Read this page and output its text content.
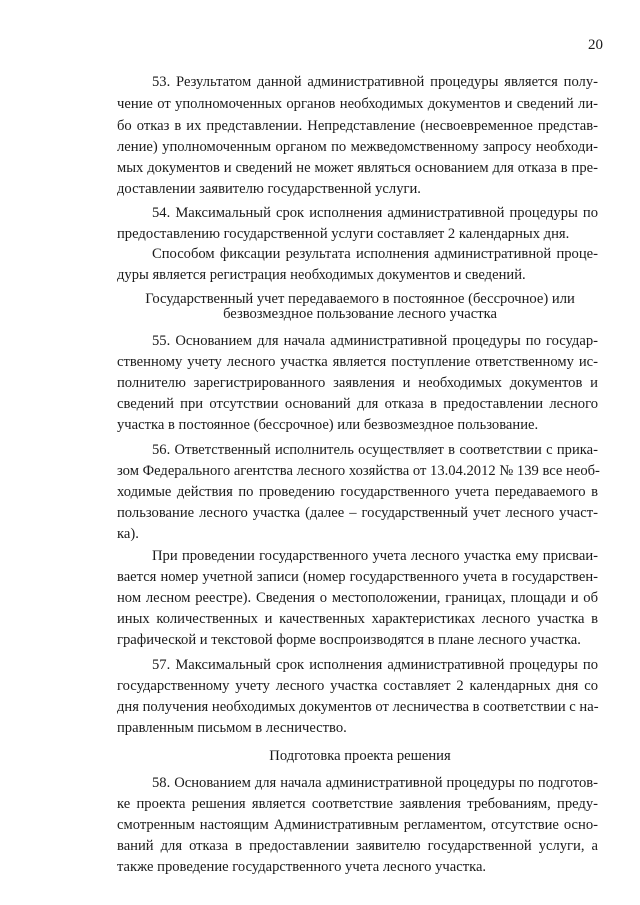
20
53. Результатом данной административной процедуры является полу-
чение от уполномоченных органов необходимых документов и сведений ли-
бо отказ в их представлении. Непредставление (несвоевременное представ-
ление) уполномоченным органом по межведомственному запросу необходи-
мых документов и сведений не может являться основанием для отказа в пре-
доставлении заявителю государственной услуги.
54. Максимальный срок исполнения административной процедуры по
предоставлению государственной услуги составляет 2 календарных дня.
Способом фиксации результата исполнения административной проце-
дуры является регистрация необходимых документов и сведений.
Государственный учет передаваемого в постоянное (бессрочное) или
безвозмездное пользование лесного участка
55. Основанием для начала административной процедуры по государ-
ственному учету лесного участка является поступление ответственному ис-
полнителю зарегистрированного заявления и необходимых документов и
сведений при отсутствии оснований для отказа в предоставлении лесного
участка в постоянное (бессрочное) или безвозмездное пользование.
56. Ответственный исполнитель осуществляет в соответствии с прика-
зом Федерального агентства лесного хозяйства от 13.04.2012 № 139 все необ-
ходимые действия по проведению государственного учета передаваемого в
пользование лесного участка (далее – государственный учет лесного участ-
ка).
При проведении государственного учета лесного участка ему присваи-
вается номер учетной записи (номер государственного учета в государствен-
ном лесном реестре). Сведения о местоположении, границах, площади и об
иных количественных и качественных характеристиках лесного участка в
графической и текстовой форме воспроизводятся в плане лесного участка.
57. Максимальный срок исполнения административной процедуры по
государственному учету лесного участка составляет 2 календарных дня со
дня получения необходимых документов от лесничества в соответствии с на-
правленным письмом в лесничество.
Подготовка проекта решения
58. Основанием для начала административной процедуры по подготов-
ке проекта решения является соответствие заявления требованиям, преду-
смотренным настоящим Административным регламентом, отсутствие осно-
ваний для отказа в предоставлении заявителю государственной услуги, а
также проведение государственного учета лесного участка.
